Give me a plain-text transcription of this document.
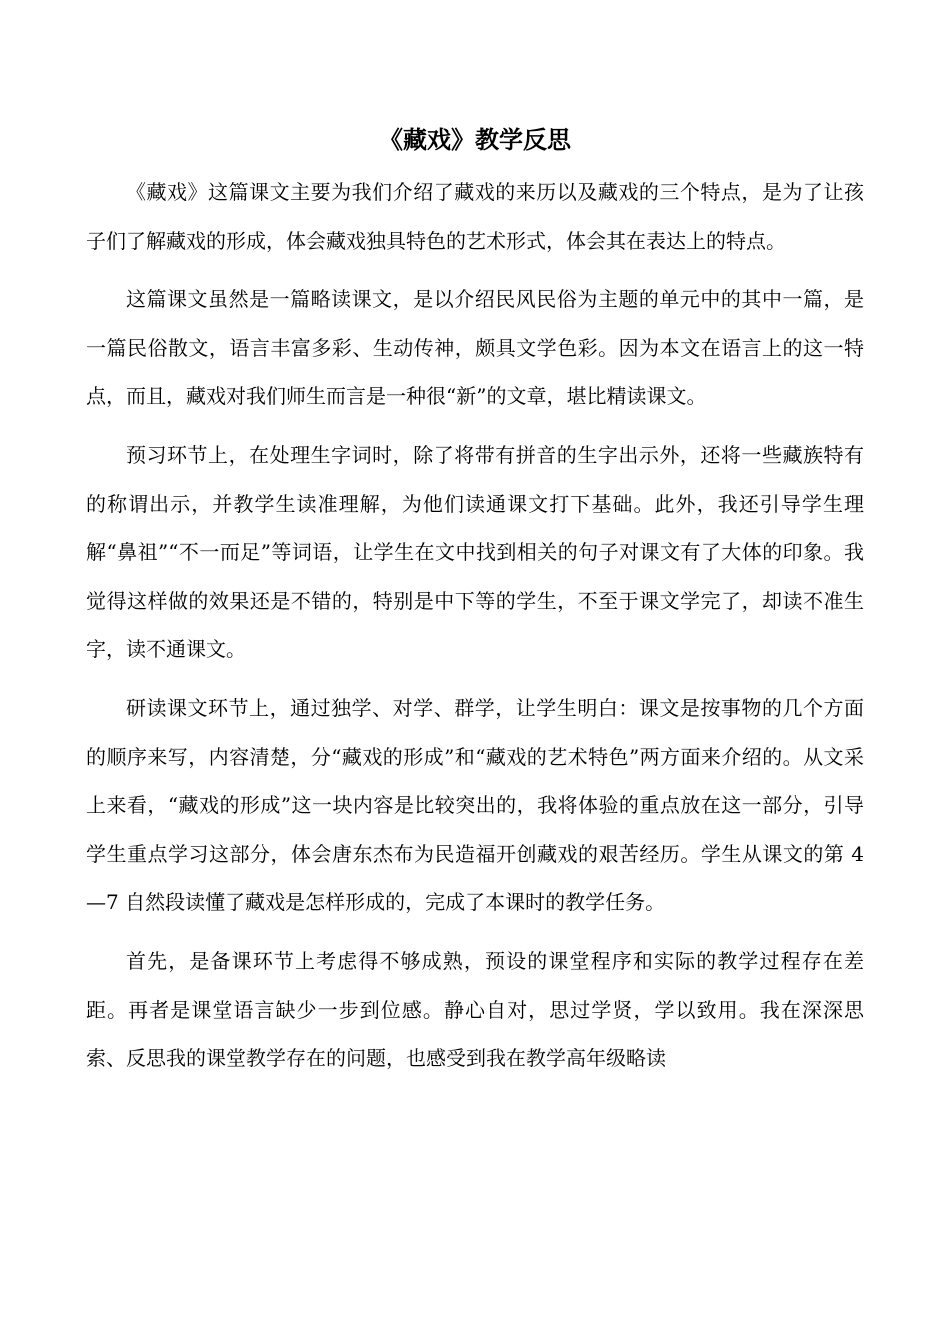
《藏戏》教学反思

《藏戏》这篇课文主要为我们介绍了藏戏的来历以及藏戏的三个特点，是为了让孩子们了解藏戏的形成，体会藏戏独具特色的艺术形式，体会其在表达上的特点。

这篇课文虽然是一篇略读课文，是以介绍民风民俗为主题的单元中的其中一篇，是一篇民俗散文，语言丰富多彩、生动传神，颇具文学色彩。因为本文在语言上的这一特点，而且，藏戏对我们师生而言是一种很“新”的文章，堪比精读课文。

预习环节上，在处理生字词时，除了将带有拼音的生字出示外，还将一些藏族特有的称谓出示，并教学生读准理解，为他们读通课文打下基础。此外，我还引导学生理解“鼻祖”“不一而足”等词语，让学生在文中找到相关的句子对课文有了大体的印象。我觉得这样做的效果还是不错的，特别是中下等的学生，不至于课文学完了，却读不准生字，读不通课文。

研读课文环节上，通过独学、对学、群学，让学生明白：课文是按事物的几个方面的顺序来写，内容清楚，分“藏戏的形成”和“藏戏的艺术特色”两方面来介绍的。从文采上来看，“藏戏的形成”这一块内容是比较突出的，我将体验的重点放在这一部分，引导学生重点学习这部分，体会唐东杰布为民造福开创藏戏的艰苦经历。学生从课文的第 4—7 自然段读懂了藏戏是怎样形成的，完成了本课时的教学任务。

首先，是备课环节上考虑得不够成熟，预设的课堂程序和实际的教学过程存在差距。再者是课堂语言缺少一步到位感。静心自对，思过学贤，学以致用。我在深深思索、反思我的课堂教学存在的问题，也感受到我在教学高年级略读
